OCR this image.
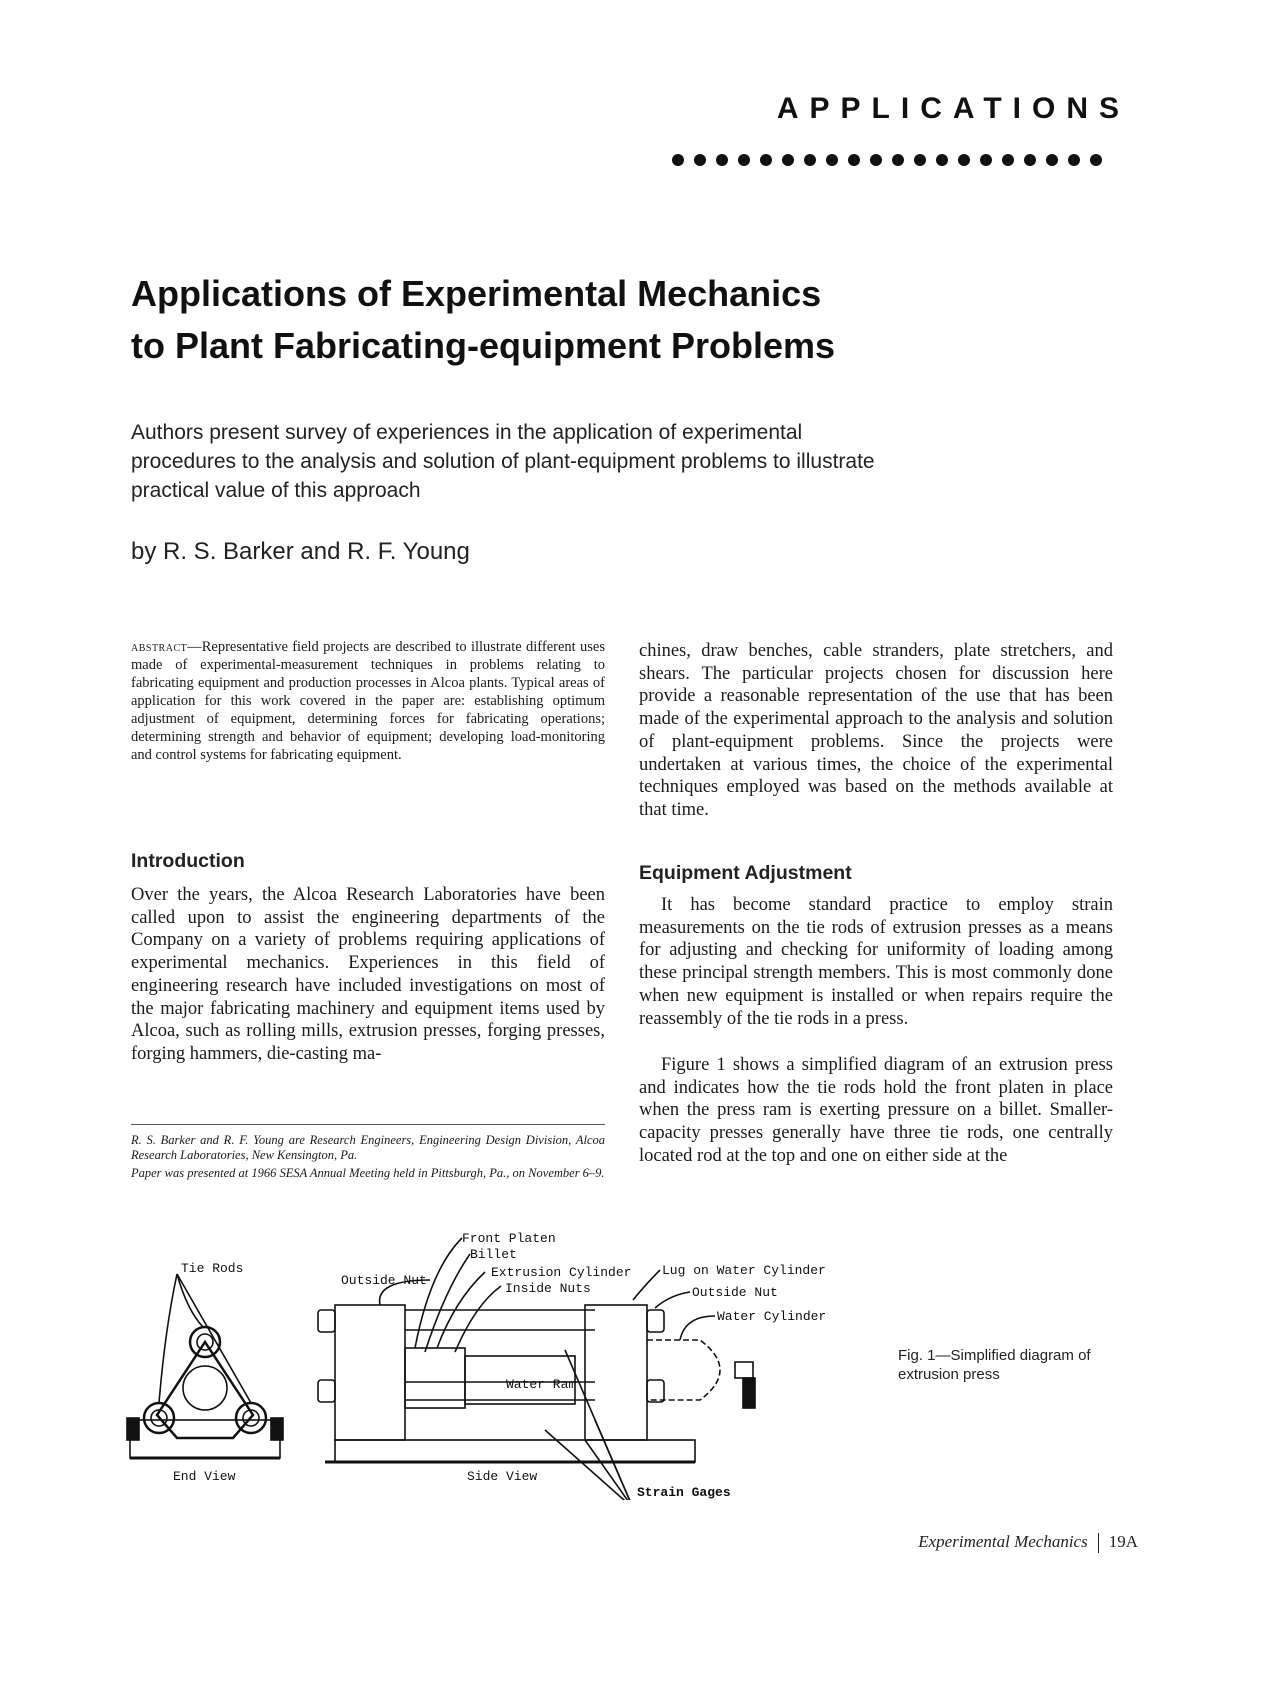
APPLICATIONS
Applications of Experimental Mechanics
to Plant Fabricating-equipment Problems
Authors present survey of experiences in the application of experimental procedures to the analysis and solution of plant-equipment problems to illustrate practical value of this approach
by R. S. Barker and R. F. Young
abstract—Representative field projects are described to illustrate different uses made of experimental-measurement techniques in problems relating to fabricating equipment and production processes in Alcoa plants. Typical areas of application for this work covered in the paper are: establishing optimum adjustment of equipment, determining forces for fabricating operations; determining strength and behavior of equipment; developing load-monitoring and control systems for fabricating equipment.
Introduction
Over the years, the Alcoa Research Laboratories have been called upon to assist the engineering departments of the Company on a variety of problems requiring applications of experimental mechanics. Experiences in this field of engineering research have included investigations on most of the major fabricating machinery and equipment items used by Alcoa, such as rolling mills, extrusion presses, forging presses, forging hammers, die-casting ma-

R. S. Barker and R. F. Young are Research Engineers, Engineering Design Division, Alcoa Research Laboratories, New Kensington, Pa.

Paper was presented at 1966 SESA Annual Meeting held in Pittsburgh, Pa., on November 6–9.

chines, draw benches, cable stranders, plate stretchers, and shears. The particular projects chosen for discussion here provide a reasonable representation of the use that has been made of the experimental approach to the analysis and solution of plant-equipment problems. Since the projects were undertaken at various times, the choice of the experimental techniques employed was based on the methods available at that time.
Equipment Adjustment
It has become standard practice to employ strain measurements on the tie rods of extrusion presses as a means for adjusting and checking for uniformity of loading among these principal strength members. This is most commonly done when new equipment is installed or when repairs require the reassembly of the tie rods in a press.
Figure 1 shows a simplified diagram of an extrusion press and indicates how the tie rods hold the front platen in place when the press ram is exerting pressure on a billet. Smaller-capacity presses generally have three tie rods, one centrally located rod at the top and one on either side at the
Tie Rods
End View
Water Ram
Side View
Front Platen
Billet
Outside Nut
Extrusion Cylinder
Inside Nuts
Lug on Water Cylinder
Outside Nut
Water Cylinder
Strain Gages
Fig. 1—Simplified diagram of extrusion press
Experimental Mechanics 19A
